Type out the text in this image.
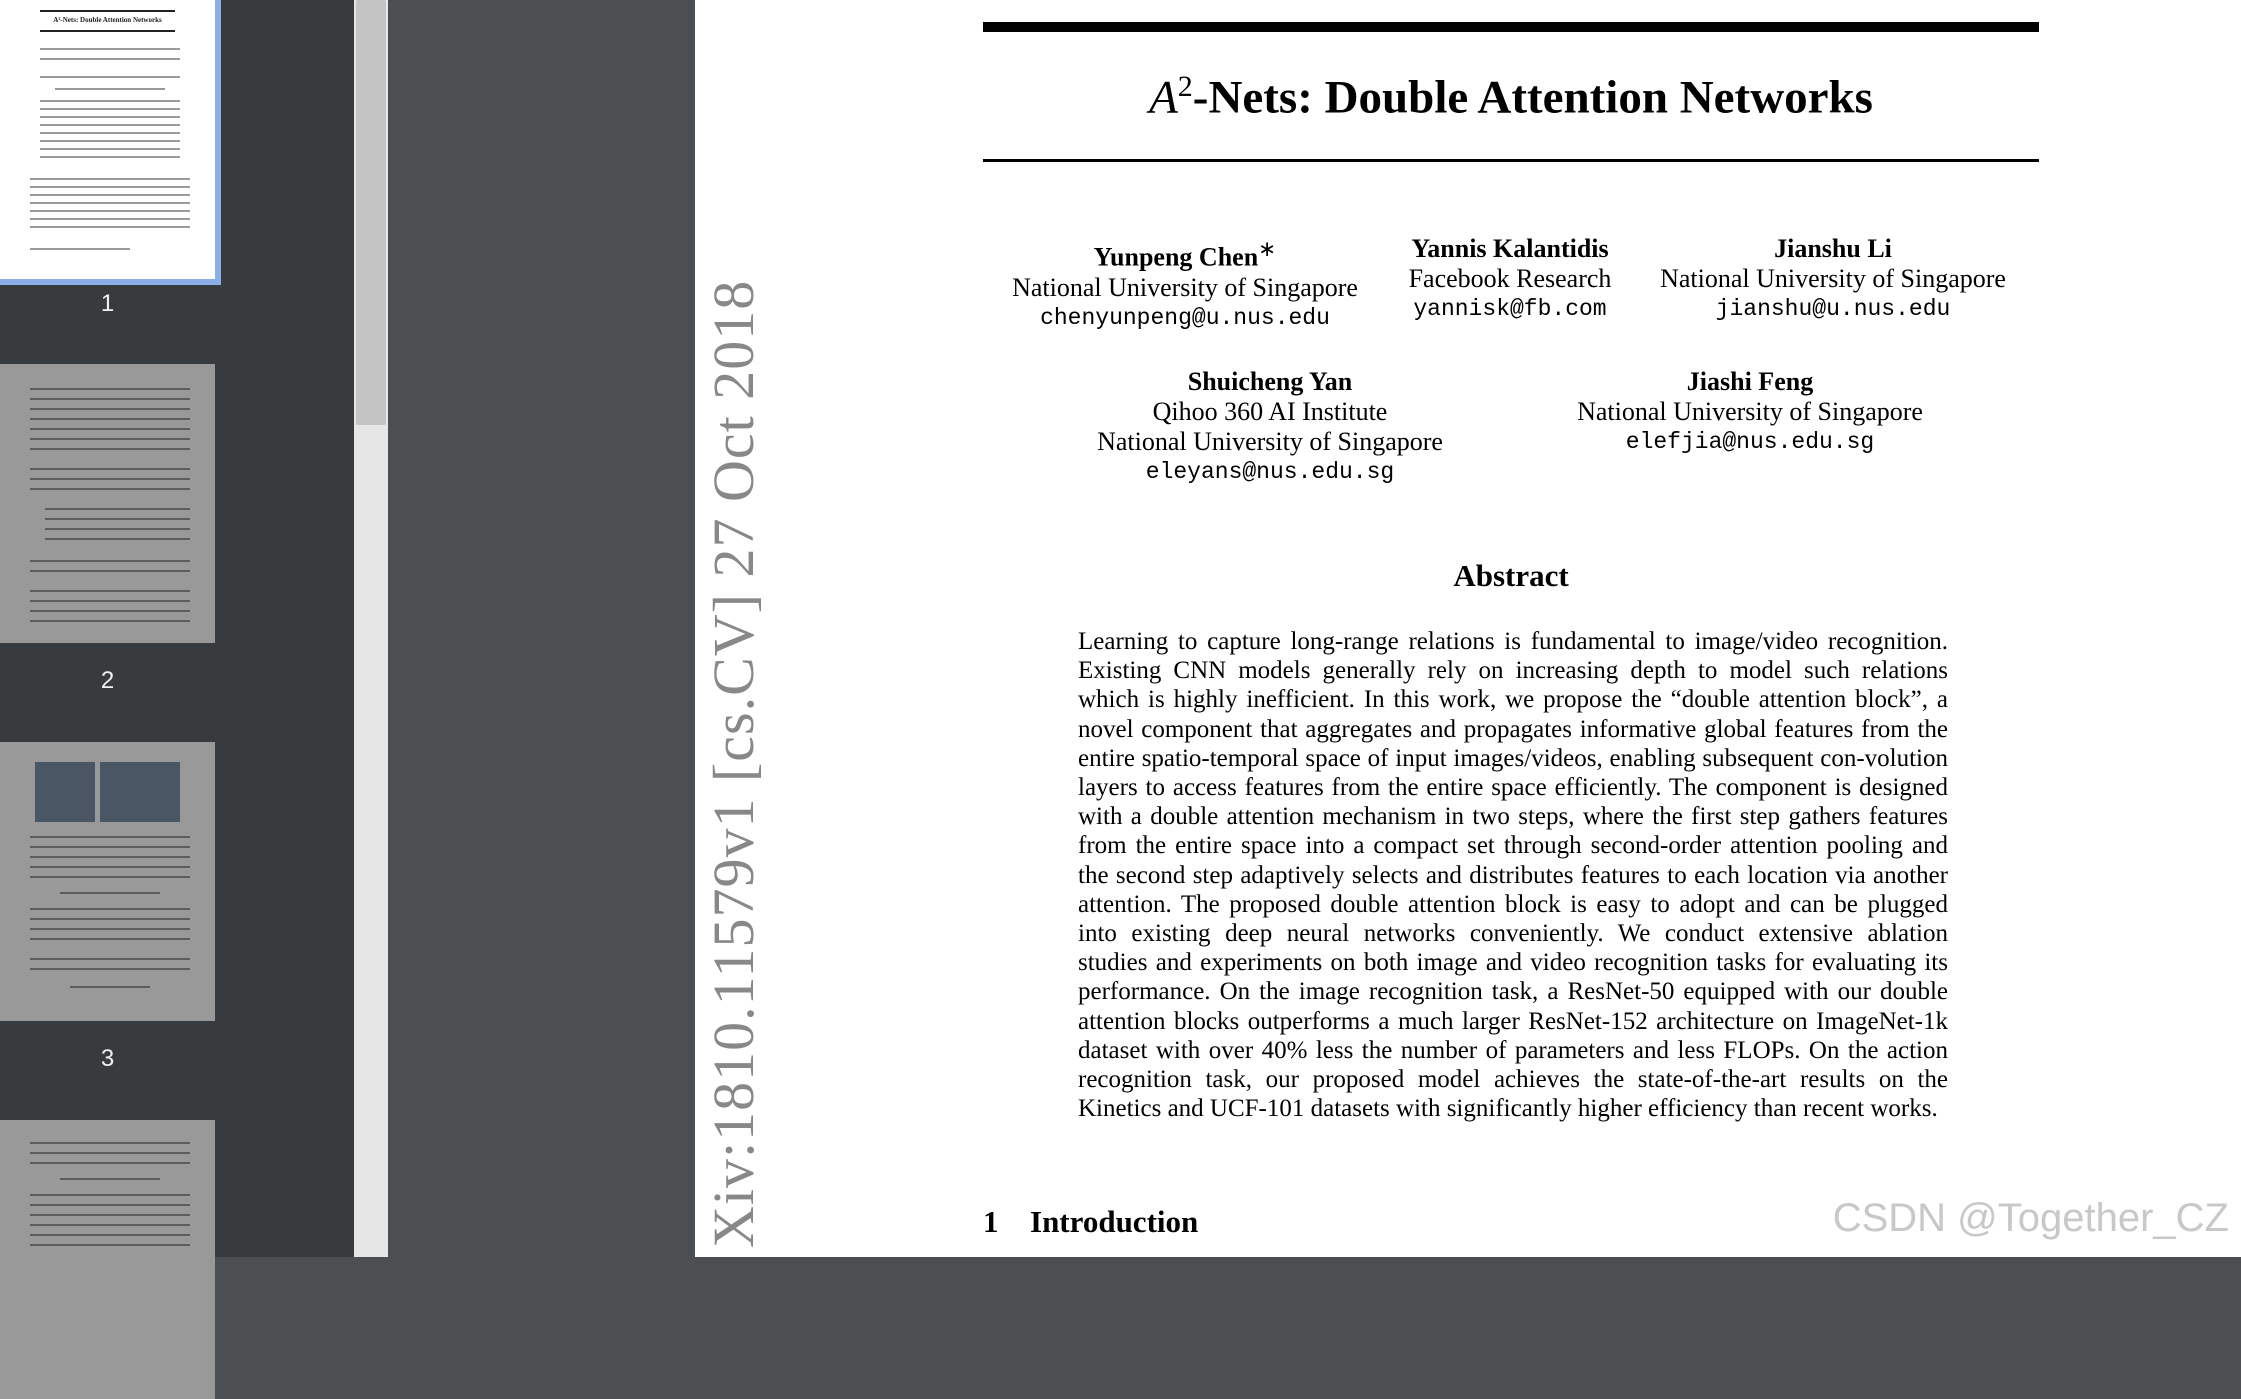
A²-Nets: Double Attention Networks
1
2
3	Xiv:1810.11579v1 [cs.CV] 27 Oct 2018
$A^2$-Nets: Double Attention Networks
Yunpeng Chen∗
National University of Singapore
chenyunpeng@u.nus.edu
Yannis Kalantidis
Facebook Research
yannisk@fb.com
Jianshu Li
National University of Singapore
jianshu@u.nus.edu
Shuicheng Yan
Qihoo 360 AI Institute
National University of Singapore
eleyans@nus.edu.sg
Jiashi Feng
National University of Singapore
elefjia@nus.edu.sg
Abstract
Learning to capture long-range relations is fundamental to image/video recognition. Existing CNN models generally rely on increasing depth to model such relations which is highly inefficient. In this work, we propose the “double attention block”, a novel component that aggregates and propagates informative global features from the entire spatio-temporal space of input images/videos, enabling subsequent con-volution layers to access features from the entire space efficiently. The component is designed with a double attention mechanism in two steps, where the first step gathers features from the entire space into a compact set through second-order attention pooling and the second step adaptively selects and distributes features to each location via another attention. The proposed double attention block is easy to adopt and can be plugged into existing deep neural networks conveniently. We conduct extensive ablation studies and experiments on both image and video recognition tasks for evaluating its performance. On the image recognition task, a ResNet-50 equipped with our double attention blocks outperforms a much larger ResNet-152 architecture on ImageNet-1k dataset with over 40% less the number of parameters and less FLOPs. On the action recognition task, our proposed model achieves the state-of-the-art results on the Kinetics and UCF-101 datasets with significantly higher efficiency than recent works.
1 Introduction	CSDN @Together_CZ
